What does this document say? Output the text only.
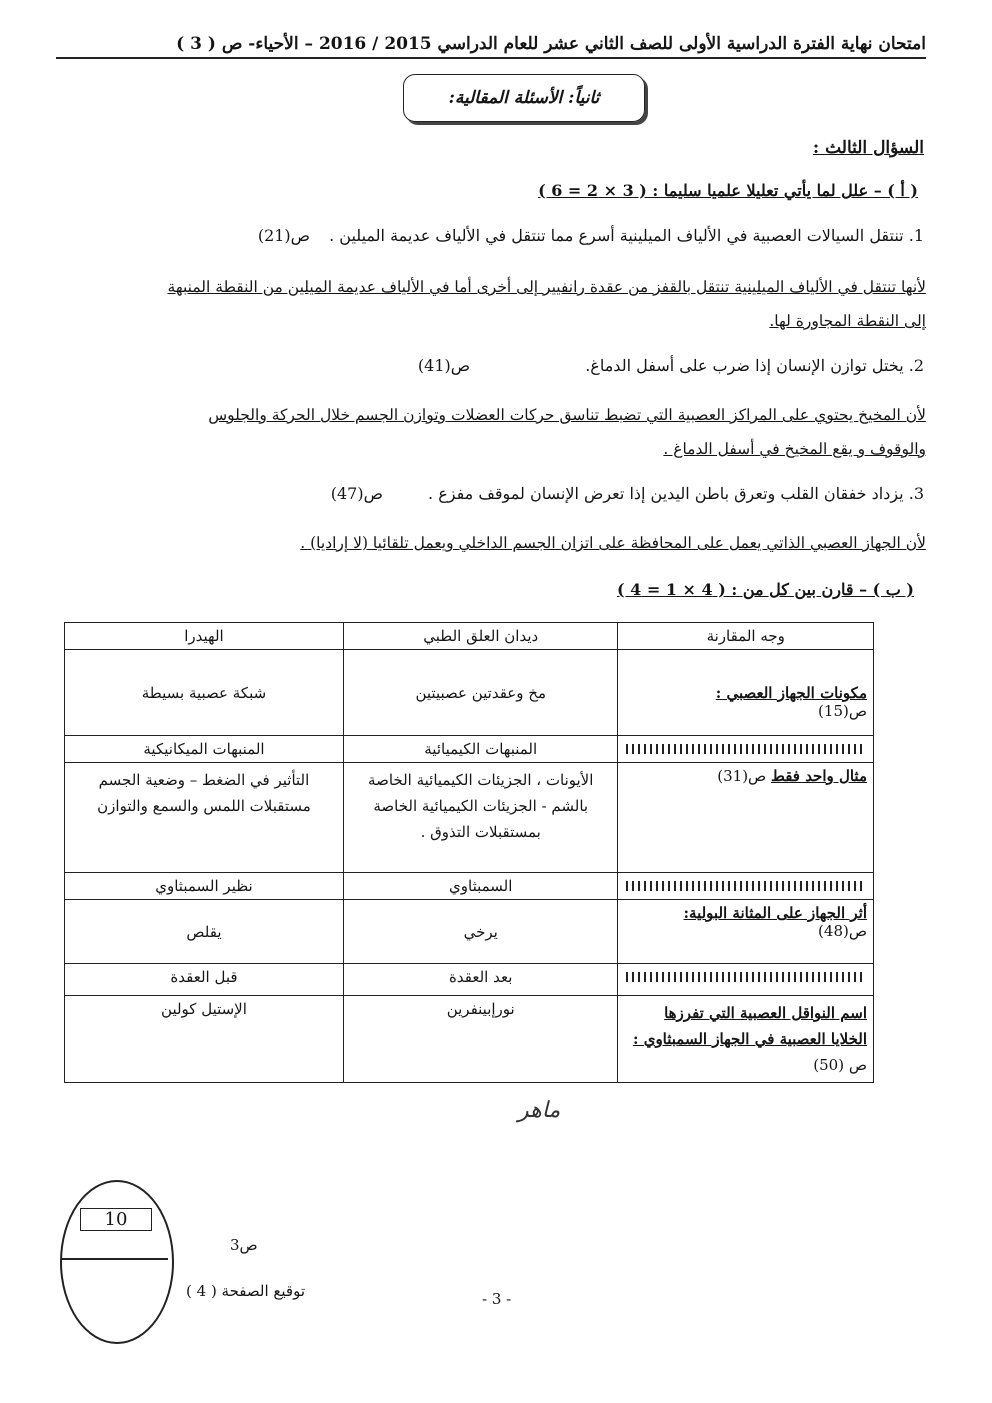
امتحان نهاية الفترة الدراسية الأولى للصف الثاني عشر للعام الدراسي 2015 / 2016 – الأحياء- ص ( 3 )
ثانياً: الأسئلة المقالية:
السؤال الثالث :
( أ ) – علل لما يأتي تعليلا علميا سليما : ( 3 × 2 = 6 )
1. تنتقل السيالات العصبية في الألياف الميلينية أسرع مما تنتقل في الألياف عديمة الميلين . ص(21)
لأنها تنتقل في الألياف الميلينية تنتقل بالقفز من عقدة رانفيير إلى أخرى أما في الألياف عديمة الميلين من النقطة المنبهة
إلى النقطة المجاورة لها.
2. يختل توازن الإنسان إذا ضرب على أسفل الدماغ. ص(41)
لأن المخيخ يحتوي على المراكز العصبية التي تضبط تناسق حركات العضلات وتوازن الجسم خلال الحركة والجلوس
والوقوف و يقع المخيخ في أسفل الدماغ .
3. يزداد خفقان القلب وتعرق باطن اليدين إذا تعرض الإنسان لموقف مفزع . ص(47)
لأن الجهاز العصبي الذاتي يعمل على المحافظة على اتزان الجسم الداخلي ويعمل تلقائيا (لا إراديا) .
( ب ) – قارن بين كل من : ( 4 × 1 = 4 )
وجه المقارنة	ديدان العلق الطبي	الهيدرا

مكونات الجهاز العصبي :
ص(15)	مخ وعقدتين عصبيتين	شبكة عصبية بسيطة

	المنبهات الكيميائية	المنبهات الميكانيكية
مثال واحد فقط ص(31)	الأيونات ، الجزيئات الكيميائية الخاصة بالشم - الجزيئات الكيميائية الخاصة بمستقبلات التذوق .	التأثير في الضغط – وضعية الجسم مستقبلات اللمس والسمع والتوازن

	السمبثاوي	نظير السمبثاوي

أثر الجهاز على المثانة البولية:
ص(48)	يرخي	يقلص

	بعد العقدة	قبل العقدة
اسم النواقل العصبية التي تفرزها الخلايا العصبية في الجهاز السمبثاوي : ص (50)	نورإبينفرين	الإستيل كولين
ماهر
10
ص3
توقيع الصفحة ( 4 )	- 3 -
